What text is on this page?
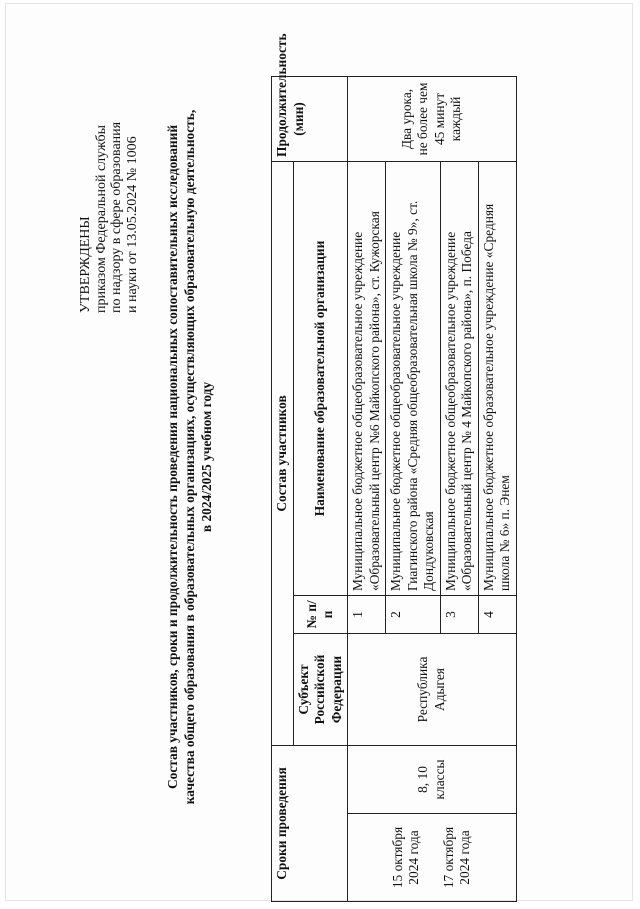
УТВЕРЖДЕНЫ приказом Федеральной службы по надзору в сфере образования и науки от 13.05.2024 № 1006 Состав участников, сроки и продолжительность проведения национальных сопоставительных исследований качества общего образования в образовательных организациях, осуществляющих образовательную деятельность, в 2024/2025 учебном году
Сроки проведения		Состав участников			Продолжительность (мин)
		Субъект Российской Федерации	№ п/п	Наименование образовательной организации	

15 октября 2024 года 17 октября 2024 года	8, 10 классы	Республика Адыгея	1	Муниципальное бюджетное общеобразовательное учреждение «Образовательный центр №6 Майкопского района», ст. Кужорская	Два урока, не более чем 45 минут каждый
			2	Муниципальное бюджетное общеобразовательное учреждение Гиагинского района «Средняя общеобразовательная школа № 9», ст. Дондуковская	
			3	Муниципальное бюджетное общеобразовательное учреждение «Образовательный центр № 4 Майкопского района», п. Победа	
			4	Муниципальное бюджетное образовательное учреждение «Средняя школа № 6» п. Энем	
